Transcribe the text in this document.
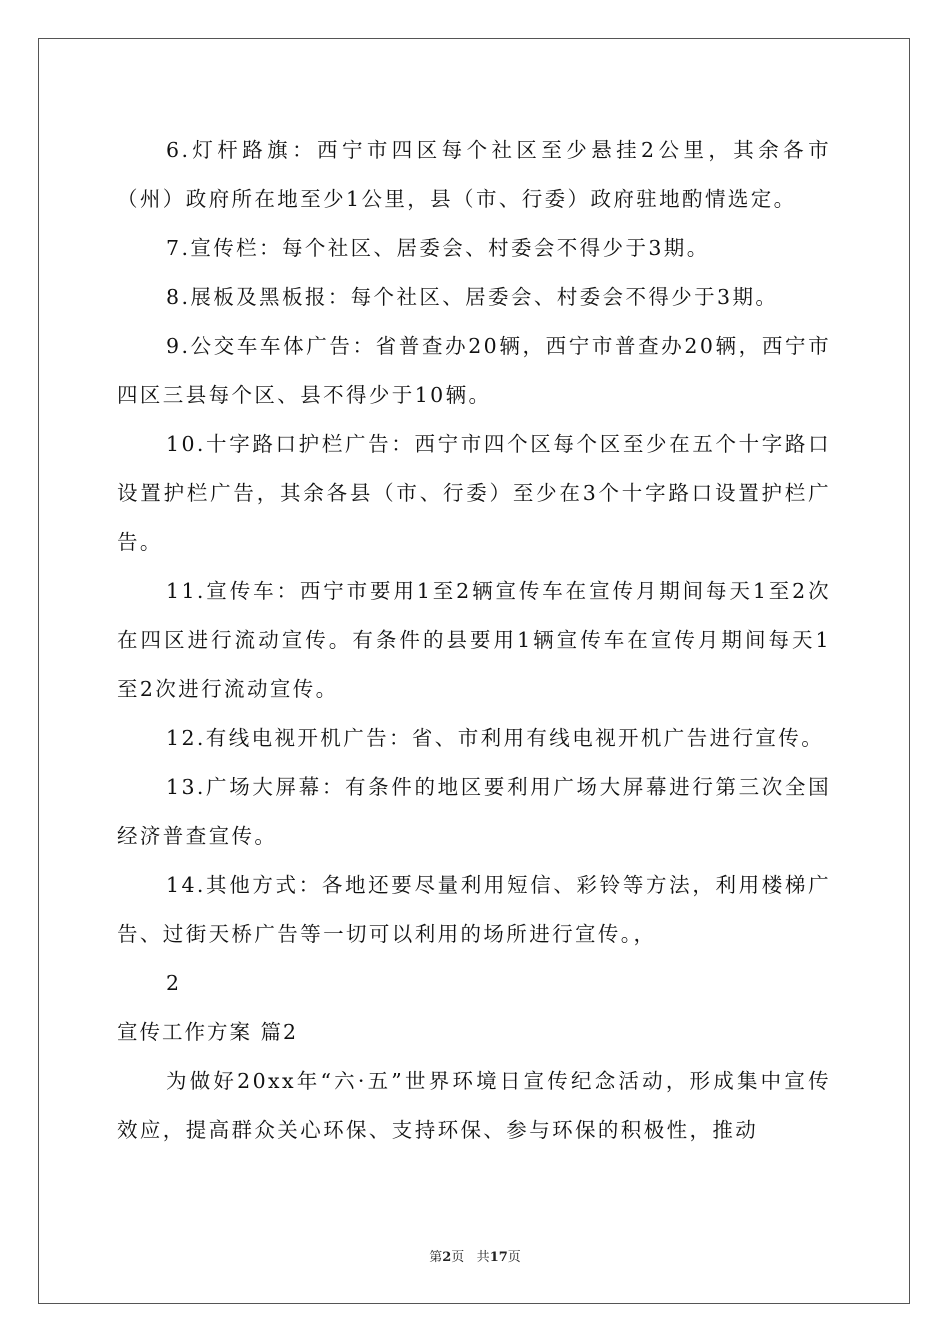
6.灯杆路旗：西宁市四区每个社区至少悬挂2公里，其余各市（州）政府所在地至少1公里，县（市、行委）政府驻地酌情选定。

7.宣传栏：每个社区、居委会、村委会不得少于3期。

8.展板及黑板报：每个社区、居委会、村委会不得少于3期。

9.公交车车体广告：省普查办20辆，西宁市普查办20辆，西宁市四区三县每个区、县不得少于10辆。

10.十字路口护栏广告：西宁市四个区每个区至少在五个十字路口设置护栏广告，其余各县（市、行委）至少在3个十字路口设置护栏广告。

11.宣传车：西宁市要用1至2辆宣传车在宣传月期间每天1至2次在四区进行流动宣传。有条件的县要用1辆宣传车在宣传月期间每天1至2次进行流动宣传。

12.有线电视开机广告：省、市利用有线电视开机广告进行宣传。

13.广场大屏幕：有条件的地区要利用广场大屏幕进行第三次全国经济普查宣传。

14.其他方式：各地还要尽量利用短信、彩铃等方法，利用楼梯广告、过街天桥广告等一切可以利用的场所进行宣传。，

2

宣传工作方案 篇2

为做好20xx年“六·五”世界环境日宣传纪念活动，形成集中宣传效应，提高群众关心环保、支持环保、参与环保的积极性，推动

第2页 共17页
